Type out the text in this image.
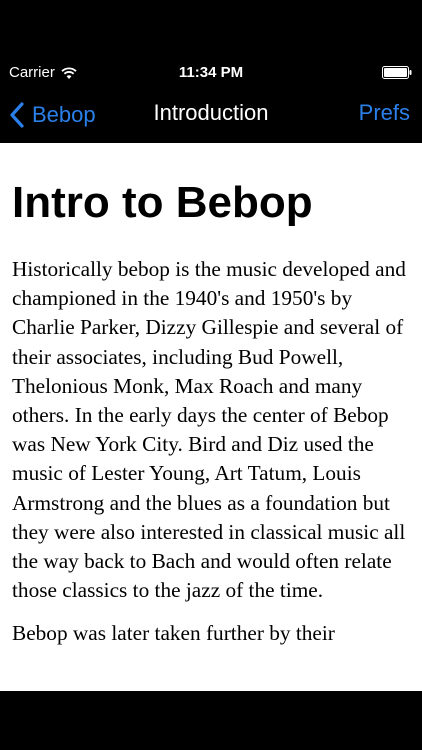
Carrier	11:34 PM
Bebop	Introduction	Prefs
Intro to Bebop

Historically bebop is the music developed and championed in the 1940's and 1950's by Charlie Parker, Dizzy Gillespie and several of their associates, including Bud Powell, Thelonious Monk, Max Roach and many others. In the early days the center of Bebop was New York City. Bird and Diz used the music of Lester Young, Art Tatum, Louis Armstrong and the blues as a foundation but they were also interested in classical music all the way back to Bach and would often relate those classics to the jazz of the time.

Bebop was later taken further by their
